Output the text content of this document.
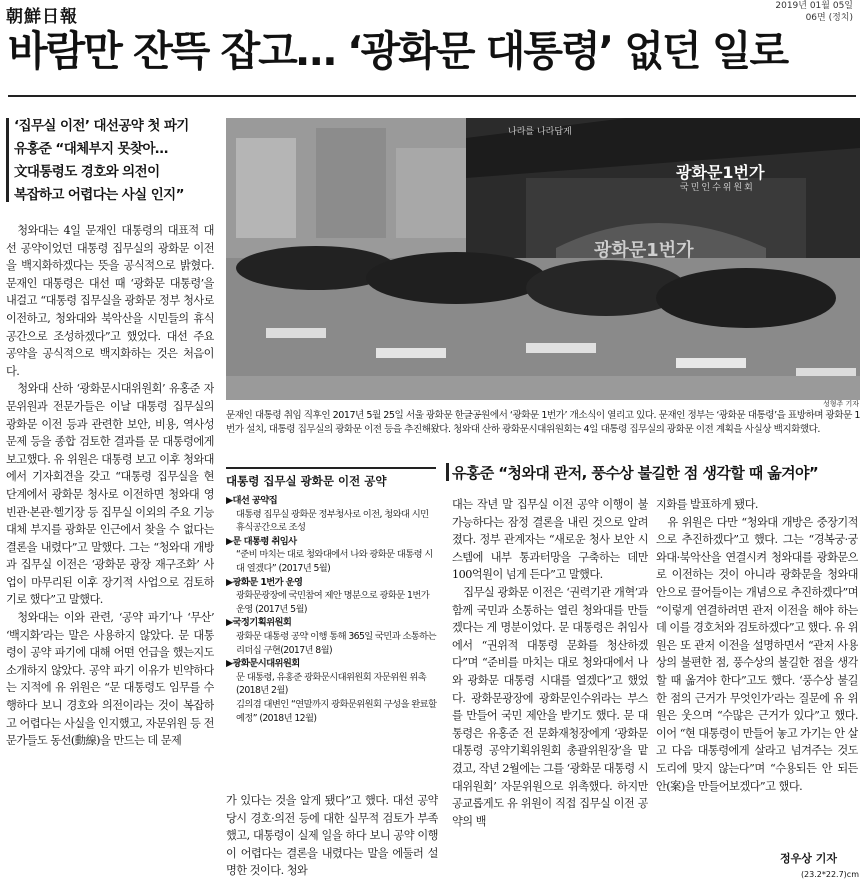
朝鮮日報
2019년 01월 05일
06면 (정치)
바람만 잔뜩 잡고… ‘광화문 대통령’ 없던 일로
‘집무실 이전’ 대선공약 첫 파기
유홍준 “대체부지 못찾아…
文대통령도 경호와 의전이
복잡하고 어렵다는 사실 인지”

청와대는 4일 문재인 대통령의 대표적 대선 공약이었던 대통령 집무실의 광화문 이전을 백지화하겠다는 뜻을 공식적으로 밝혔다. 문재인 대통령은 대선 때 ‘광화문 대통령’을 내걸고 “대통령 집무실을 광화문 정부 청사로 이전하고, 청와대와 북악산을 시민들의 휴식 공간으로 조성하겠다”고 했었다. 대선 주요 공약을 공식적으로 백지화하는 것은 처음이다.

청와대 산하 ‘광화문시대위원회’ 유홍준 자문위원과 전문가들은 이날 대통령 집무실의 광화문 이전 등과 관련한 보안, 비용, 역사성 문제 등을 종합 검토한 결과를 문 대통령에게 보고했다. 유 위원은 대통령 보고 이후 청와대에서 기자회견을 갖고 “대통령 집무실을 현 단계에서 광화문 청사로 이전하면 청와대 영빈관·본관·헬기장 등 집무실 이외의 주요 기능 대체 부지를 광화문 인근에서 찾을 수 없다는 결론을 내렸다”고 말했다. 그는 “청와대 개방과 집무실 이전은 ‘광화문 광장 재구조화’ 사업이 마무리된 이후 장기적 사업으로 검토하기로 했다”고 말했다.

청와대는 이와 관련, ‘공약 파기’나 ‘무산’ ‘백지화’라는 말은 사용하지 않았다. 문 대통령이 공약 파기에 대해 어떤 언급을 했는지도 소개하지 않았다. 공약 파기 이유가 빈약하다는 지적에 유 위원은 “문 대통령도 임무를 수행하다 보니 경호와 의전이라는 것이 복잡하고 어렵다는 사실을 인지했고, 자문위원 등 전문가들도 동선(動線)을 만드는 데 문제

나라를 나라답게
광화문1번가
국민인수위원회
광화문1번가
성형주 기자
문재인 대통령 취임 직후인 2017년 5월 25일 서울 광화문 한글공원에서 ‘광화문 1번가’ 개소식이 열리고 있다. 문재인 정부는 ‘광화문 대통령’을 표방하며 광화문 1번가 설치, 대통령 집무실의 광화문 이전 등을 추진해왔다. 청와대 산하 광화문시대위원회는 4일 대통령 집무실의 광화문 이전 계획을 사실상 백지화했다.
유홍준 “청와대 관저, 풍수상 불길한 점 생각할 때 옮겨야”
대통령 집무실 광화문 이전 공약
▶대선 공약집
대통령 집무실 광화문 정부청사로 이전, 청와대 시민 휴식공간으로 조성
▶문 대통령 취임사
“준비 마치는 대로 청와대에서 나와 광화문 대통령 시대 열겠다” (2017년 5월)
▶광화문 1번가 운영
광화문광장에 국민참여 제안 명분으로 광화문 1번가 운영 (2017년 5월)
▶국정기획위원회
광화문 대통령 공약 이행 통해 365일 국민과 소통하는 리더십 구현(2017년 8월)
▶광화문시대위원회
문 대통령, 유홍준 광화문시대위원회 자문위원 위촉(2018년 2월)
김의겸 대변인 “연말까지 광화문위원회 구성을 완료할 예정” (2018년 12월)

가 있다는 것을 알게 됐다”고 했다. 대선 공약 당시 경호·의전 등에 대한 실무적 검토가 부족했고, 대통령이 실제 일을 하다 보니 공약 이행이 어렵다는 결론을 내렸다는 말을 에둘러 설명한 것이다. 청와

대는 작년 말 집무실 이전 공약 이행이 불가능하다는 잠정 결론을 내린 것으로 알려졌다. 정부 관계자는 “새로운 청사 보안 시스템에 내부 통과터망을 구축하는 데만 100억원이 넘게 든다”고 말했다.

집무실 광화문 이전은 ‘권력기관 개혁’과 함께 국민과 소통하는 열린 청와대를 만들겠다는 게 명분이었다. 문 대통령은 취임사에서 “권위적 대통령 문화를 청산하겠다”며 “준비를 마치는 대로 청와대에서 나와 광화문 대통령 시대를 열겠다”고 했었다. 광화문광장에 광화문인수위라는 부스를 만들어 국민 제안을 받기도 했다. 문 대통령은 유홍준 전 문화재청장에게 ‘광화문대통령 공약기획위원회 총괄위원장’을 맡겼고, 작년 2월에는 그를 ‘광화문 대통령 시대위원회’ 자문위원으로 위촉했다. 하지만 공교롭게도 유 위원이 직접 집무실 이전 공약의 백

지화를 발표하게 됐다.

유 위원은 다만 “청와대 개방은 중장기적으로 추진하겠다”고 했다. 그는 “경복궁·궁와대·북악산을 연결시켜 청와대를 광화문으로 이전하는 것이 아니라 광화문을 청와대 안으로 끌어들이는 개념으로 추진하겠다”며 “이렇게 연결하려면 관저 이전을 해야 하는데 이를 경호처와 검토하겠다”고 했다. 유 위원은 또 관저 이전을 설명하면서 “관저 사용상의 불편한 점, 풍수상의 불길한 점을 생각할 때 옮겨야 한다”고도 했다. ‘풍수상 불길한 점의 근거가 무엇인가’라는 질문에 유 위원은 웃으며 “수많은 근거가 있다”고 했다. 이어 “현 대통령이 만들어 놓고 가기는 안 살고 다음 대통령에게 살라고 넘겨주는 것도 도리에 맞지 않는다”며 “수용되든 안 되든 안(案)을 만들어보겠다”고 했다.

정우상 기자
(23.2*22.7)cm
